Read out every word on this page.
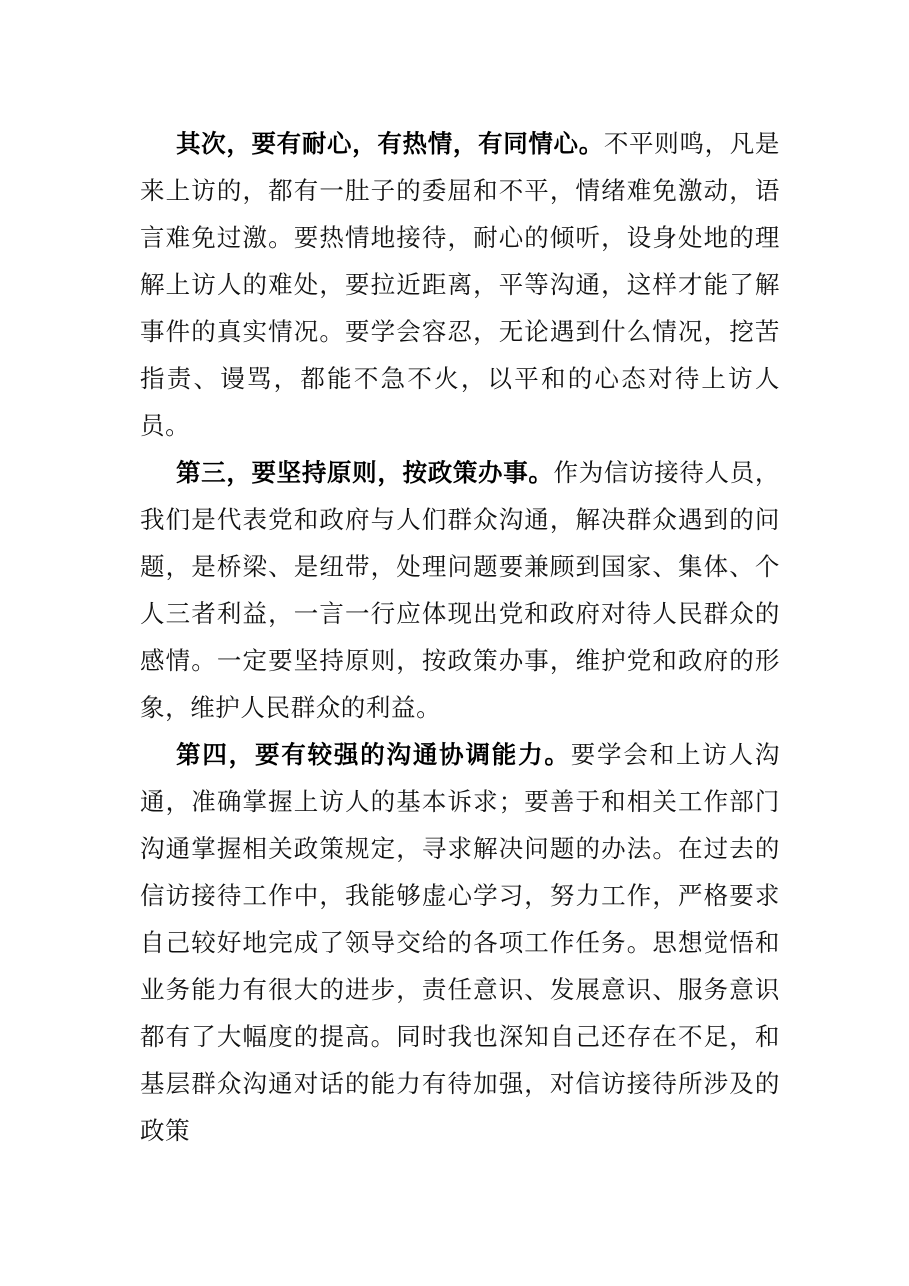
其次，要有耐心，有热情，有同情心。不平则鸣，凡是来上访的，都有一肚子的委屈和不平，情绪难免激动，语言难免过激。要热情地接待，耐心的倾听，设身处地的理解上访人的难处，要拉近距离，平等沟通，这样才能了解事件的真实情况。要学会容忍，无论遇到什么情况，挖苦指责、谩骂，都能不急不火，以平和的心态对待上访人员。

第三，要坚持原则，按政策办事。作为信访接待人员，我们是代表党和政府与人们群众沟通，解决群众遇到的问题，是桥梁、是纽带，处理问题要兼顾到国家、集体、个人三者利益，一言一行应体现出党和政府对待人民群众的感情。一定要坚持原则，按政策办事，维护党和政府的形象，维护人民群众的利益。

第四，要有较强的沟通协调能力。要学会和上访人沟通，准确掌握上访人的基本诉求；要善于和相关工作部门沟通掌握相关政策规定，寻求解决问题的办法。在过去的信访接待工作中，我能够虚心学习，努力工作，严格要求自己较好地完成了领导交给的各项工作任务。思想觉悟和业务能力有很大的进步，责任意识、发展意识、服务意识都有了大幅度的提高。同时我也深知自己还存在不足，和基层群众沟通对话的能力有待加强，对信访接待所涉及的政策
